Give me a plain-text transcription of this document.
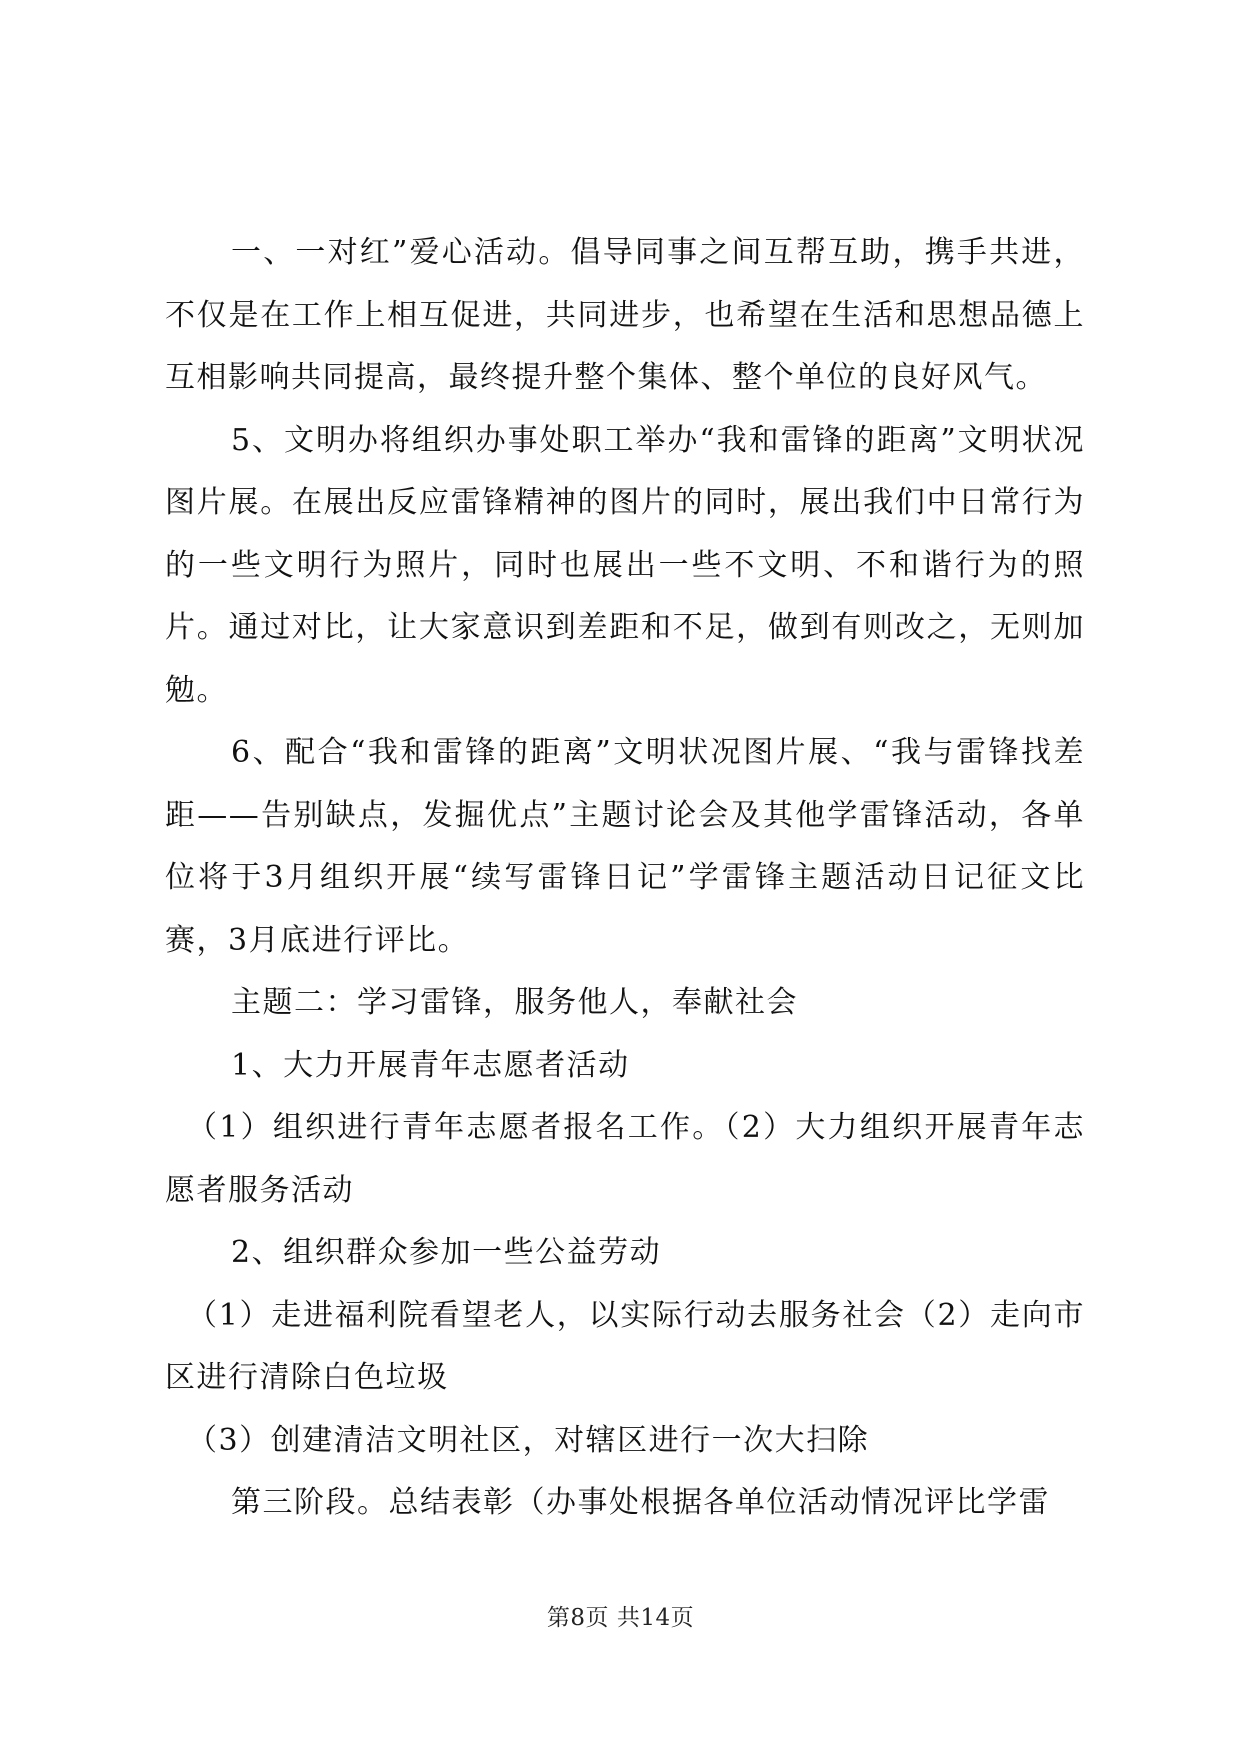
一、一对红”爱心活动。倡导同事之间互帮互助，携手共进，不仅是在工作上相互促进，共同进步，也希望在生活和思想品德上互相影响共同提高，最终提升整个集体、整个单位的良好风气。

5、文明办将组织办事处职工举办“我和雷锋的距离”文明状况图片展。在展出反应雷锋精神的图片的同时，展出我们中日常行为的一些文明行为照片，同时也展出一些不文明、不和谐行为的照片。通过对比，让大家意识到差距和不足，做到有则改之，无则加勉。

6、配合“我和雷锋的距离”文明状况图片展、“我与雷锋找差距——告别缺点，发掘优点”主题讨论会及其他学雷锋活动，各单位将于3月组织开展“续写雷锋日记”学雷锋主题活动日记征文比赛，3月底进行评比。

主题二：学习雷锋，服务他人，奉献社会

1、大力开展青年志愿者活动

（1）组织进行青年志愿者报名工作。（2）大力组织开展青年志愿者服务活动

2、组织群众参加一些公益劳动

（1）走进福利院看望老人，以实际行动去服务社会（2）走向市区进行清除白色垃圾

（3）创建清洁文明社区，对辖区进行一次大扫除

第三阶段。总结表彰（办事处根据各单位活动情况评比学雷

第8页 共14页
